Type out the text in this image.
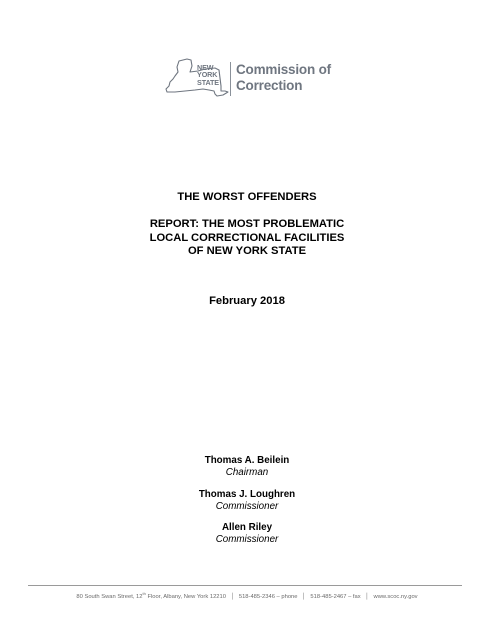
NEW
YORK
STATE
Commission of
Correction
THE WORST OFFENDERS
REPORT: THE MOST PROBLEMATIC
LOCAL CORRECTIONAL FACILITIES
OF NEW YORK STATE
February 2018
Thomas A. Beilein
Chairman
Thomas J. Loughren
Commissioner
Allen Riley
Commissioner
80 South Swan Street, 12th Floor, Albany, New York 12210 │ 518-485-2346 – phone │ 518-485-2467 – fax │ www.scoc.ny.gov
